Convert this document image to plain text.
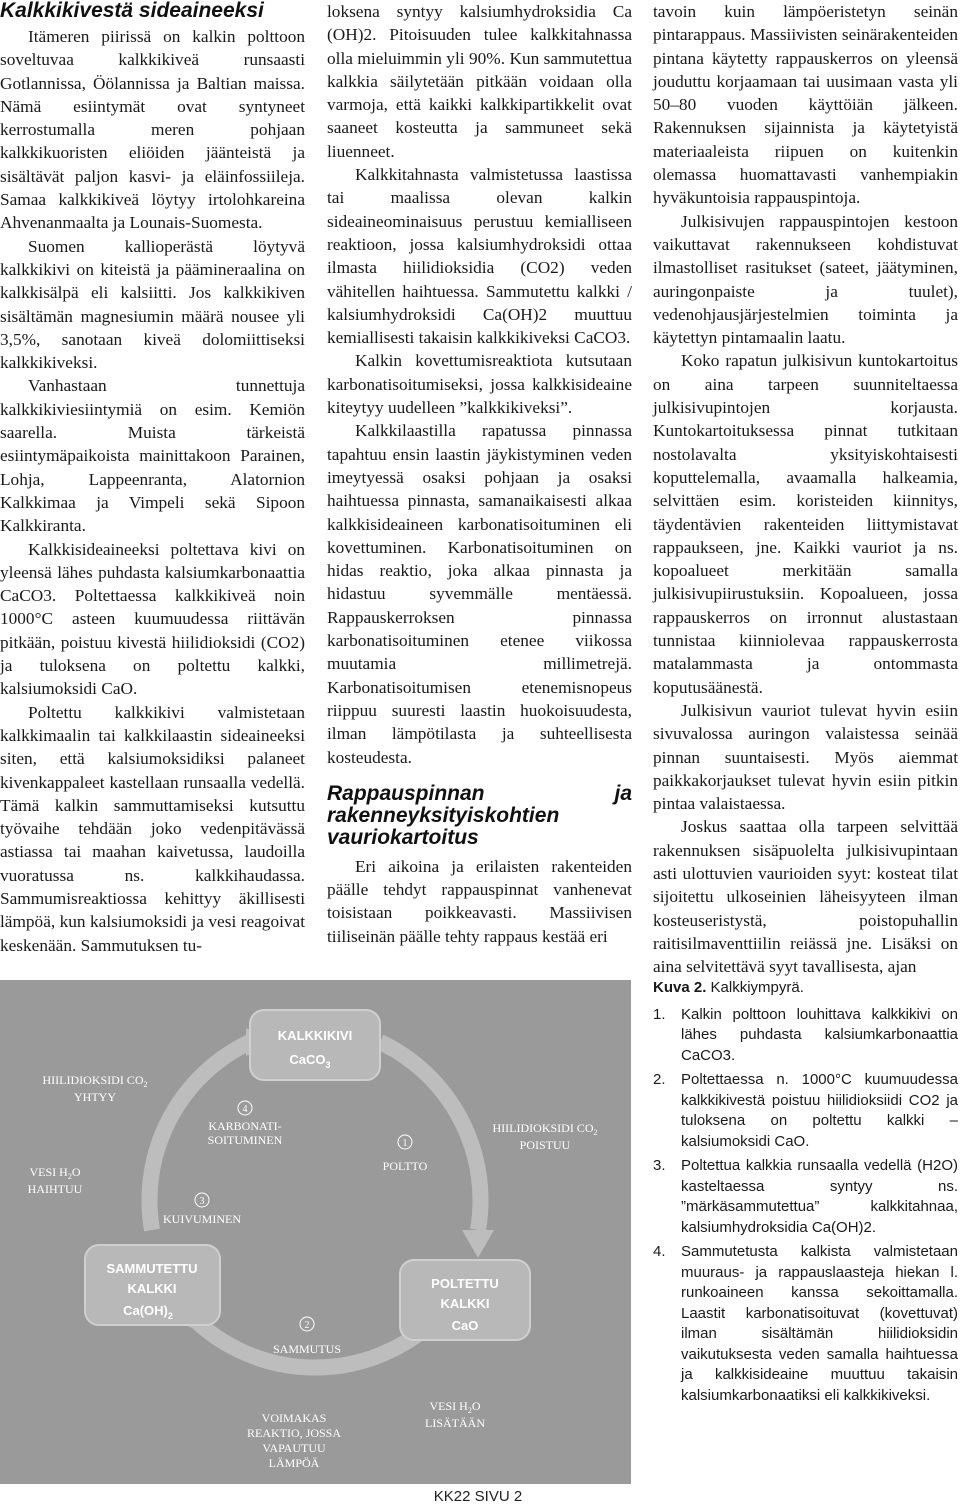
Kalkkikivestä sideaineeksi

Itämeren piirissä on kalkin polttoon soveltuvaa kalkkikiveä runsaasti Gotlannissa, Öölannissa ja Baltian maissa. Nämä esiintymät ovat syntyneet kerrostumalla meren pohjaan kalkkikuoristen eliöiden jäänteistä ja sisältävät paljon kasvi- ja eläinfossiileja. Samaa kalkkikiveä löytyy irtolohkareina Ahvenanmaalta ja Lounais-Suomesta.

Suomen kallioperästä löytyvä kalkkikivi on kiteistä ja päämineraalina on kalkkisälpä eli kalsiitti. Jos kalkkikiven sisältämän magnesiumin määrä nousee yli 3,5%, sanotaan kiveä dolomiittiseksi kalkkikiveksi.

Vanhastaan tunnettuja kalkkikiviesiintymiä on esim. Kemiön saarella. Muista tärkeistä esiintymäpaikoista mainittakoon Parainen, Lohja, Lappeenranta, Alatornion Kalkkimaa ja Vimpeli sekä Sipoon Kalkkiranta.

Kalkkisideaineeksi poltettava kivi on yleensä lähes puhdasta kalsiumkarbonaattia CaCO3. Poltettaessa kalkkikiveä noin 1000°C asteen kuumuudessa riittävän pitkään, poistuu kivestä hiilidioksidi (CO2) ja tuloksena on poltettu kalkki, kalsiumoksidi CaO.

Poltettu kalkkikivi valmistetaan kalkkimaalin tai kalkkilaastin sideaineeksi siten, että kalsiumoksidiksi palaneet kivenkappaleet kastellaan runsaalla vedellä. Tämä kalkin sammuttamiseksi kutsuttu työvaihe tehdään joko vedenpitävässä astiassa tai maahan kaivetussa, laudoilla vuoratussa ns. kalkkihaudassa. Sammumisreaktiossa kehittyy äkillisesti lämpöä, kun kalsiumoksidi ja vesi reagoivat keskenään. Sammutuksen tu-

loksena syntyy kalsiumhydroksidia Ca (OH)2. Pitoisuuden tulee kalkkitahnassa olla mieluimmin yli 90%. Kun sammutettua kalkkia säilytetään pitkään voidaan olla varmoja, että kaikki kalkkipartikkelit ovat saaneet kosteutta ja sammuneet sekä liuenneet.

Kalkkitahnasta valmistetussa laastissa tai maalissa olevan kalkin sideaineominaisuus perustuu kemialliseen reaktioon, jossa kalsiumhydroksidi ottaa ilmasta hiilidioksidia (CO2) veden vähitellen haihtuessa. Sammutettu kalkki / kalsiumhydroksidi Ca(OH)2 muuttuu kemiallisesti takaisin kalkkikiveksi CaCO3.

Kalkin kovettumisreaktiota kutsutaan karbonatisoitumiseksi, jossa kalkkisideaine kiteytyy uudelleen ”kalkkikiveksi”.

Kalkkilaastilla rapatussa pinnassa tapahtuu ensin laastin jäykistyminen veden imeytyessä osaksi pohjaan ja osaksi haihtuessa pinnasta, samanaikaisesti alkaa kalkkisideaineen karbonatisoituminen eli kovettuminen. Karbonatisoituminen on hidas reaktio, joka alkaa pinnasta ja hidastuu syvemmälle mentäessä. Rappauskerroksen pinnassa karbonatisoituminen etenee viikossa muutamia millimetrejä. Karbonatisoitumisen etenemisnopeus riippuu suuresti laastin huokoisuudesta, ilman lämpötilasta ja suhteellisesta kosteudesta.

Rappauspinnan ja rakenneyksityiskohtien vauriokartoitus

Eri aikoina ja erilaisten rakenteiden päälle tehdyt rappauspinnat vanhenevat toisistaan poikkeavasti. Massiivisen tiiliseinän päälle tehty rappaus kestää eri

tavoin kuin lämpöeristetyn seinän pintarappaus. Massiivisten seinärakenteiden pintana käytetty rappauskerros on yleensä jouduttu korjaamaan tai uusimaan vasta yli 50–80 vuoden käyttöiän jälkeen. Rakennuksen sijainnista ja käytetyistä materiaaleista riipuen on kuitenkin olemassa huomattavasti vanhempiakin hyväkuntoisia rappauspintoja.

Julkisivujen rappauspintojen kestoon vaikuttavat rakennukseen kohdistuvat ilmastolliset rasitukset (sateet, jäätyminen, auringonpaiste ja tuulet), vedenohjausjärjestelmien toiminta ja käytettyn pintamaalin laatu.

Koko rapatun julkisivun kuntokartoitus on aina tarpeen suunniteltaessa julkisivupintojen korjausta. Kuntokartoituksessa pinnat tutkitaan nostolavalta yksityiskohtaisesti koputtelemalla, avaamalla halkeamia, selvittäen esim. koristeiden kiinnitys, täydentävien rakenteiden liittymistavat rappaukseen, jne. Kaikki vauriot ja ns. kopoalueet merkitään samalla julkisivupiirustuksiin. Kopoalueen, jossa rappauskerros on irronnut alustastaan tunnistaa kiinniolevaa rappauskerrosta matalammasta ja ontommasta koputusäänestä.

Julkisivun vauriot tulevat hyvin esiin sivuvalossa auringon valaistessa seinää pinnan suuntaisesti. Myös aiemmat paikkakorjaukset tulevat hyvin esiin pitkin pintaa valaistaessa.

Joskus saattaa olla tarpeen selvittää rakennuksen sisäpuolelta julkisivupintaan asti ulottuvien vaurioiden syyt: kosteat tilat sijoitettu ulkoseinien läheisyyteen ilman kosteuseristystä, poistopuhallin raitisilmaventtiilin reiässä jne. Lisäksi on aina selvitettävä syyt tavallisesta, ajan

KALKKIKIVI
CaCO$_3$
POLTETTU
KALKKI
CaO
SAMMUTETTU
KALKKI
$Ca(OH)_2$
1
POLTTO
2
SAMMUTUS
3
KUIVUMINEN
4
KARBONATI-
SOITUMINEN
HIILIDIOKSIDI $CO_2$
YHTYY
VESI $H_2O$
HAIHTUU
HIILIDIOKSIDI $CO_2$
POISTUU
VESI $H_2O$
LISÄTÄÄN
VOIMAKAS
REAKTIO, JOSSA
VAPAUTUU
LÄMPÖÄ
Kuva 2. Kalkkiympyrä.
1. Kalkin polttoon louhittava kalkkikivi on lähes puhdasta kalsiumkarbonaattia CaCO3.
2. Poltettaessa n. 1000°C kuumuudessa kalkkikivestä poistuu hiilidioksiidi CO2 ja tuloksena on poltettu kalkki – kalsiumoksidi CaO.
3. Poltettua kalkkia runsaalla vedellä (H2O) kasteltaessa syntyy ns. ”märkäsammutettua” kalkkitahnaa, kalsiumhydroksidia Ca(OH)2.
4. Sammutetusta kalkista valmistetaan muuraus- ja rappauslaasteja hiekan l. runkoaineen kanssa sekoittamalla. Laastit karbonatisoituvat (kovettuvat) ilman sisältämän hiilidioksidin vaikutuksesta veden samalla haihtuessa ja kalkkisideaine muuttuu takaisin kalsiumkarbonaatiksi eli kalkkikiveksi.
KK22 SIVU 2
